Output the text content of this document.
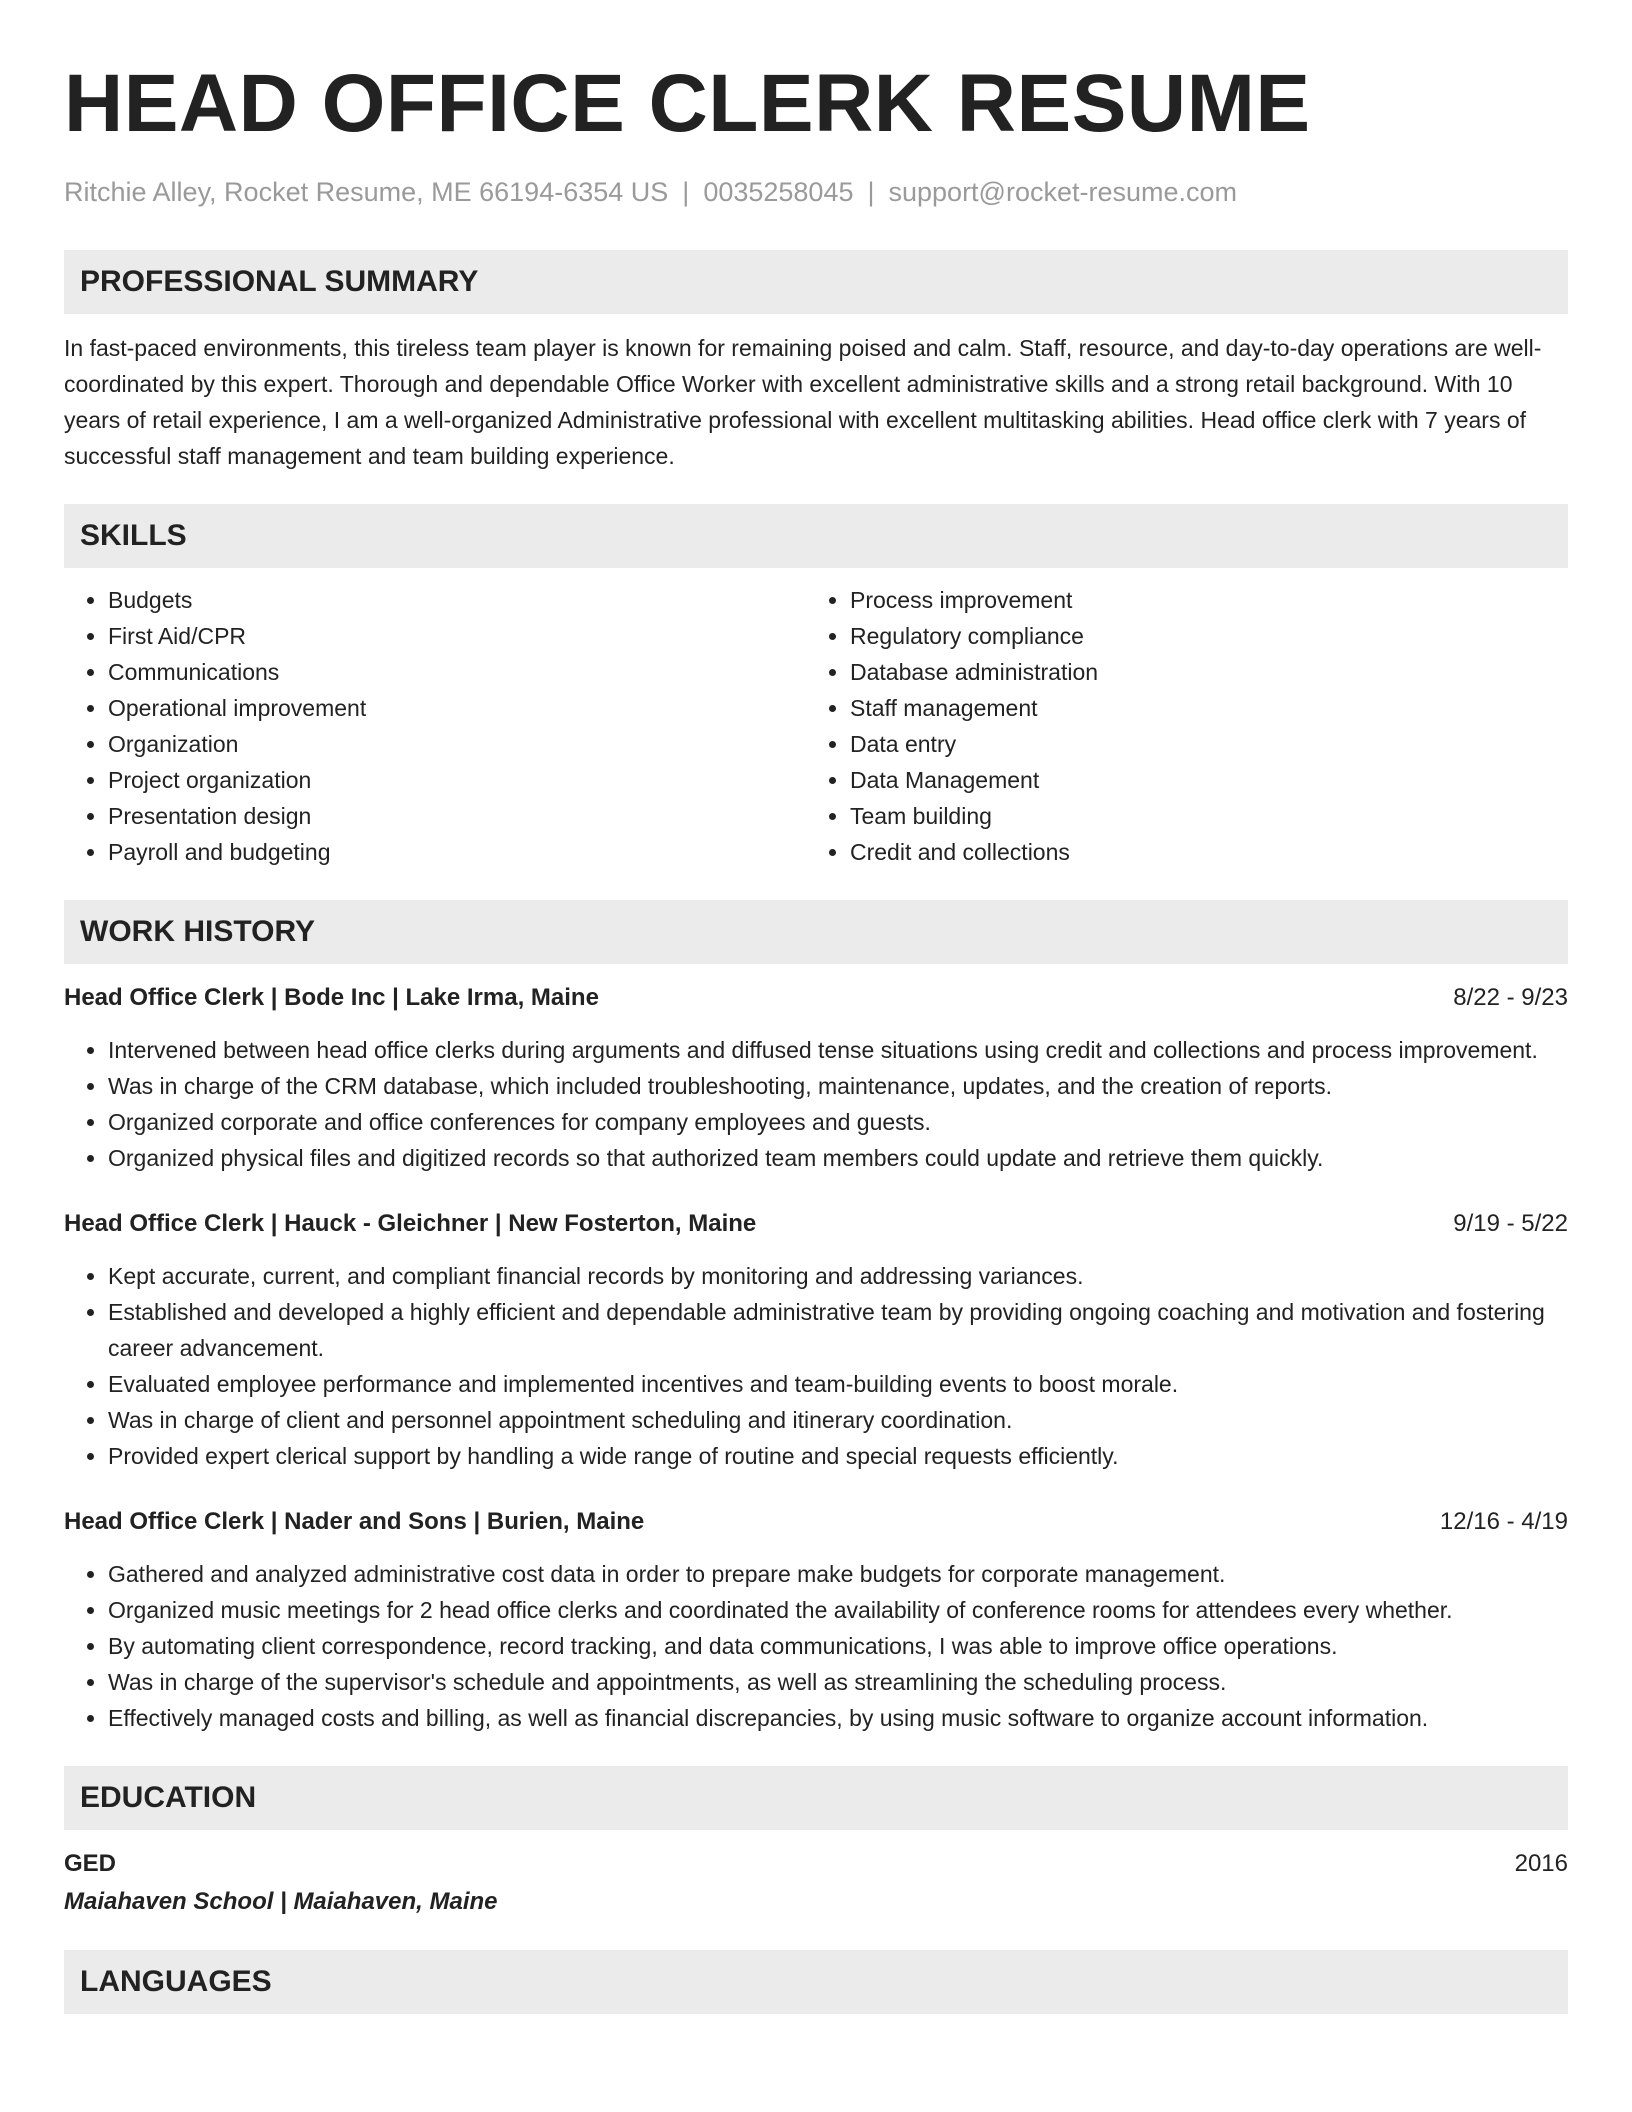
HEAD OFFICE CLERK RESUME
Ritchie Alley, Rocket Resume, ME 66194-6354 US | 0035258045 | support@rocket-resume.com
PROFESSIONAL SUMMARY

In fast-paced environments, this tireless team player is known for remaining poised and calm. Staff, resource, and day-to-day operations are well-coordinated by this expert. Thorough and dependable Office Worker with excellent administrative skills and a strong retail background. With 10 years of retail experience, I am a well-organized Administrative professional with excellent multitasking abilities. Head office clerk with 7 years of successful staff management and team building experience.

SKILLS
• Budgets
• First Aid/CPR
• Communications
• Operational improvement
• Organization
• Project organization
• Presentation design
• Payroll and budgeting
• Process improvement
• Regulatory compliance
• Database administration
• Staff management
• Data entry
• Data Management
• Team building
• Credit and collections
WORK HISTORY
Head Office Clerk | Bode Inc | Lake Irma, Maine	8/22 - 9/23
• Intervened between head office clerks during arguments and diffused tense situations using credit and collections and process improvement.
• Was in charge of the CRM database, which included troubleshooting, maintenance, updates, and the creation of reports.
• Organized corporate and office conferences for company employees and guests.
• Organized physical files and digitized records so that authorized team members could update and retrieve them quickly.
Head Office Clerk | Hauck - Gleichner | New Fosterton, Maine	9/19 - 5/22
• Kept accurate, current, and compliant financial records by monitoring and addressing variances.
• Established and developed a highly efficient and dependable administrative team by providing ongoing coaching and motivation and fostering career advancement.
• Evaluated employee performance and implemented incentives and team-building events to boost morale.
• Was in charge of client and personnel appointment scheduling and itinerary coordination.
• Provided expert clerical support by handling a wide range of routine and special requests efficiently.
Head Office Clerk | Nader and Sons | Burien, Maine	12/16 - 4/19
• Gathered and analyzed administrative cost data in order to prepare make budgets for corporate management.
• Organized music meetings for 2 head office clerks and coordinated the availability of conference rooms for attendees every whether.
• By automating client correspondence, record tracking, and data communications, I was able to improve office operations.
• Was in charge of the supervisor's schedule and appointments, as well as streamlining the scheduling process.
• Effectively managed costs and billing, as well as financial discrepancies, by using music software to organize account information.
EDUCATION
GED	2016
Maiahaven School | Maiahaven, Maine
LANGUAGES
